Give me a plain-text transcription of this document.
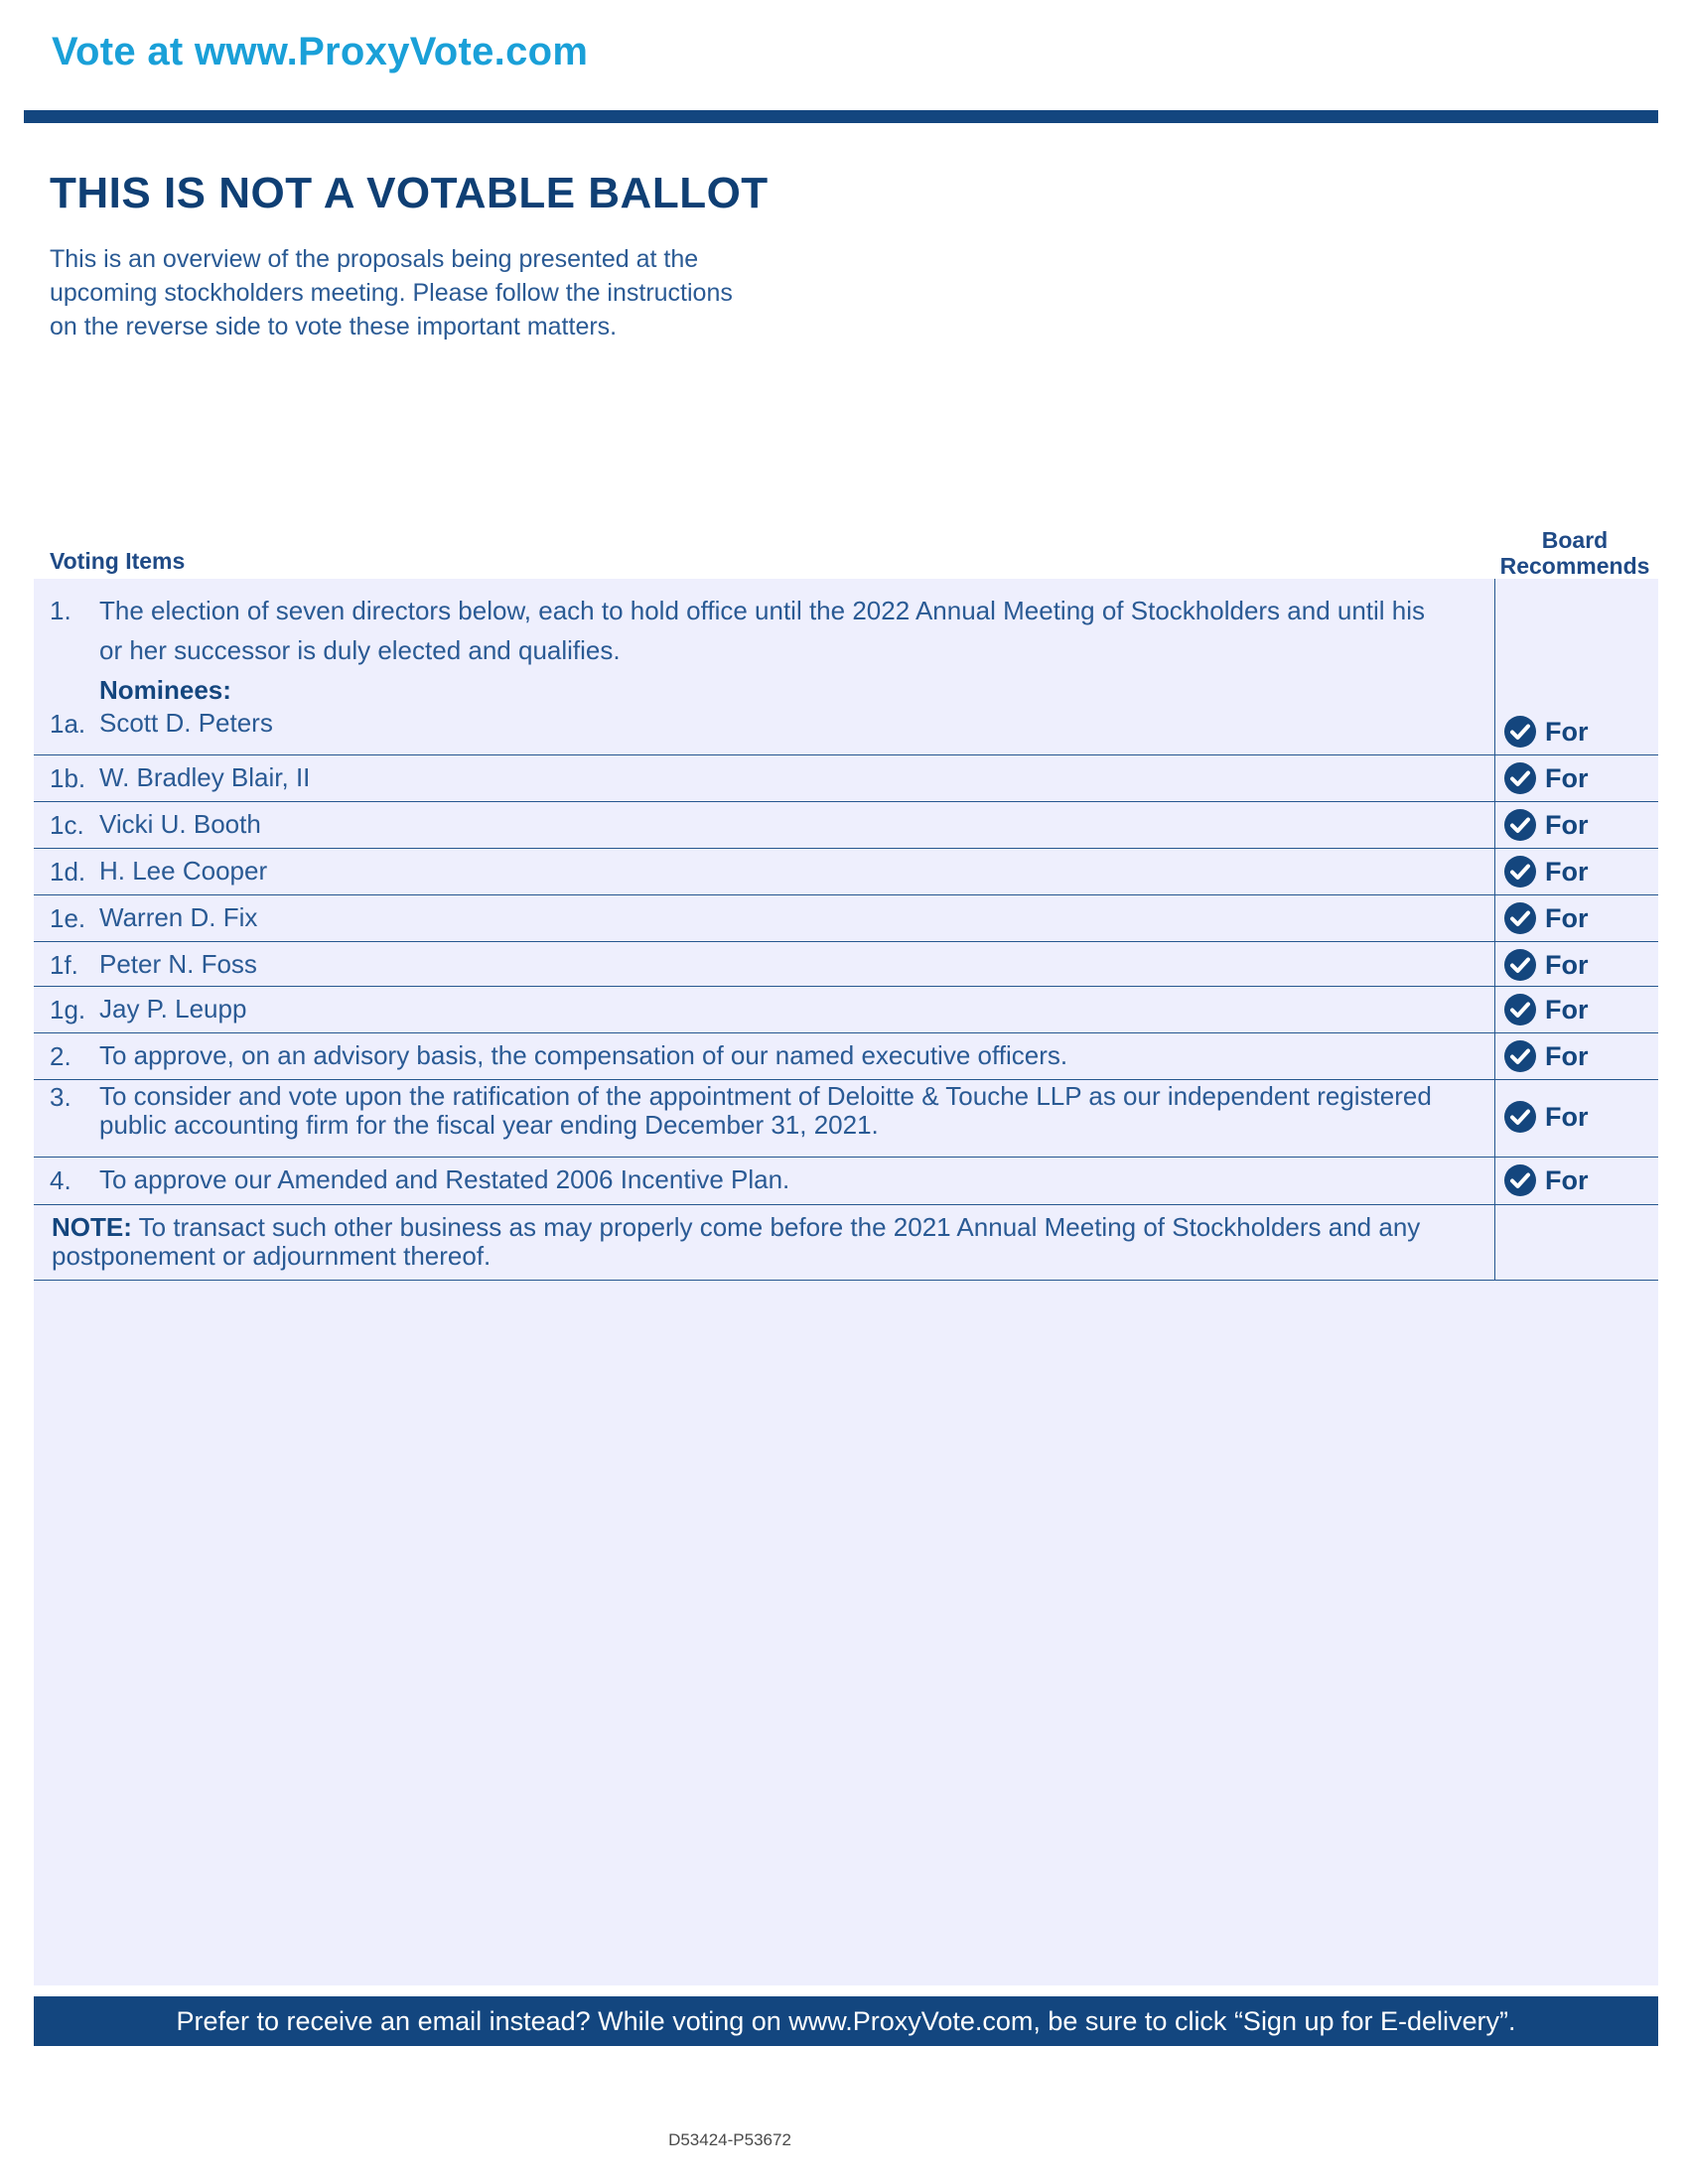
Vote at www.ProxyVote.com
THIS IS NOT A VOTABLE BALLOT
This is an overview of the proposals being presented at the
upcoming stockholders meeting. Please follow the instructions
on the reverse side to vote these important matters.
Voting Items
Board
Recommends
1. The election of seven directors below, each to hold office until the 2022 Annual Meeting of Stockholders and until his
or her successor is duly elected and qualifies.
Nominees:
1a. Scott D. Peters	For
1b. W. Bradley Blair, II	For
1c. Vicki U. Booth	For
1d. H. Lee Cooper	For
1e. Warren D. Fix	For
1f. Peter N. Foss	For
1g. Jay P. Leupp	For
2. To approve, on an advisory basis, the compensation of our named executive officers.	For
3. To consider and vote upon the ratification of the appointment of Deloitte & Touche LLP as our independent registered
public accounting firm for the fiscal year ending December 31, 2021.	For
4. To approve our Amended and Restated 2006 Incentive Plan.	For
NOTE: To transact such other business as may properly come before the 2021 Annual Meeting of Stockholders and any
postponement or adjournment thereof.
Prefer to receive an email instead? While voting on www.ProxyVote.com, be sure to click “Sign up for E-delivery”.
D53424-P53672
